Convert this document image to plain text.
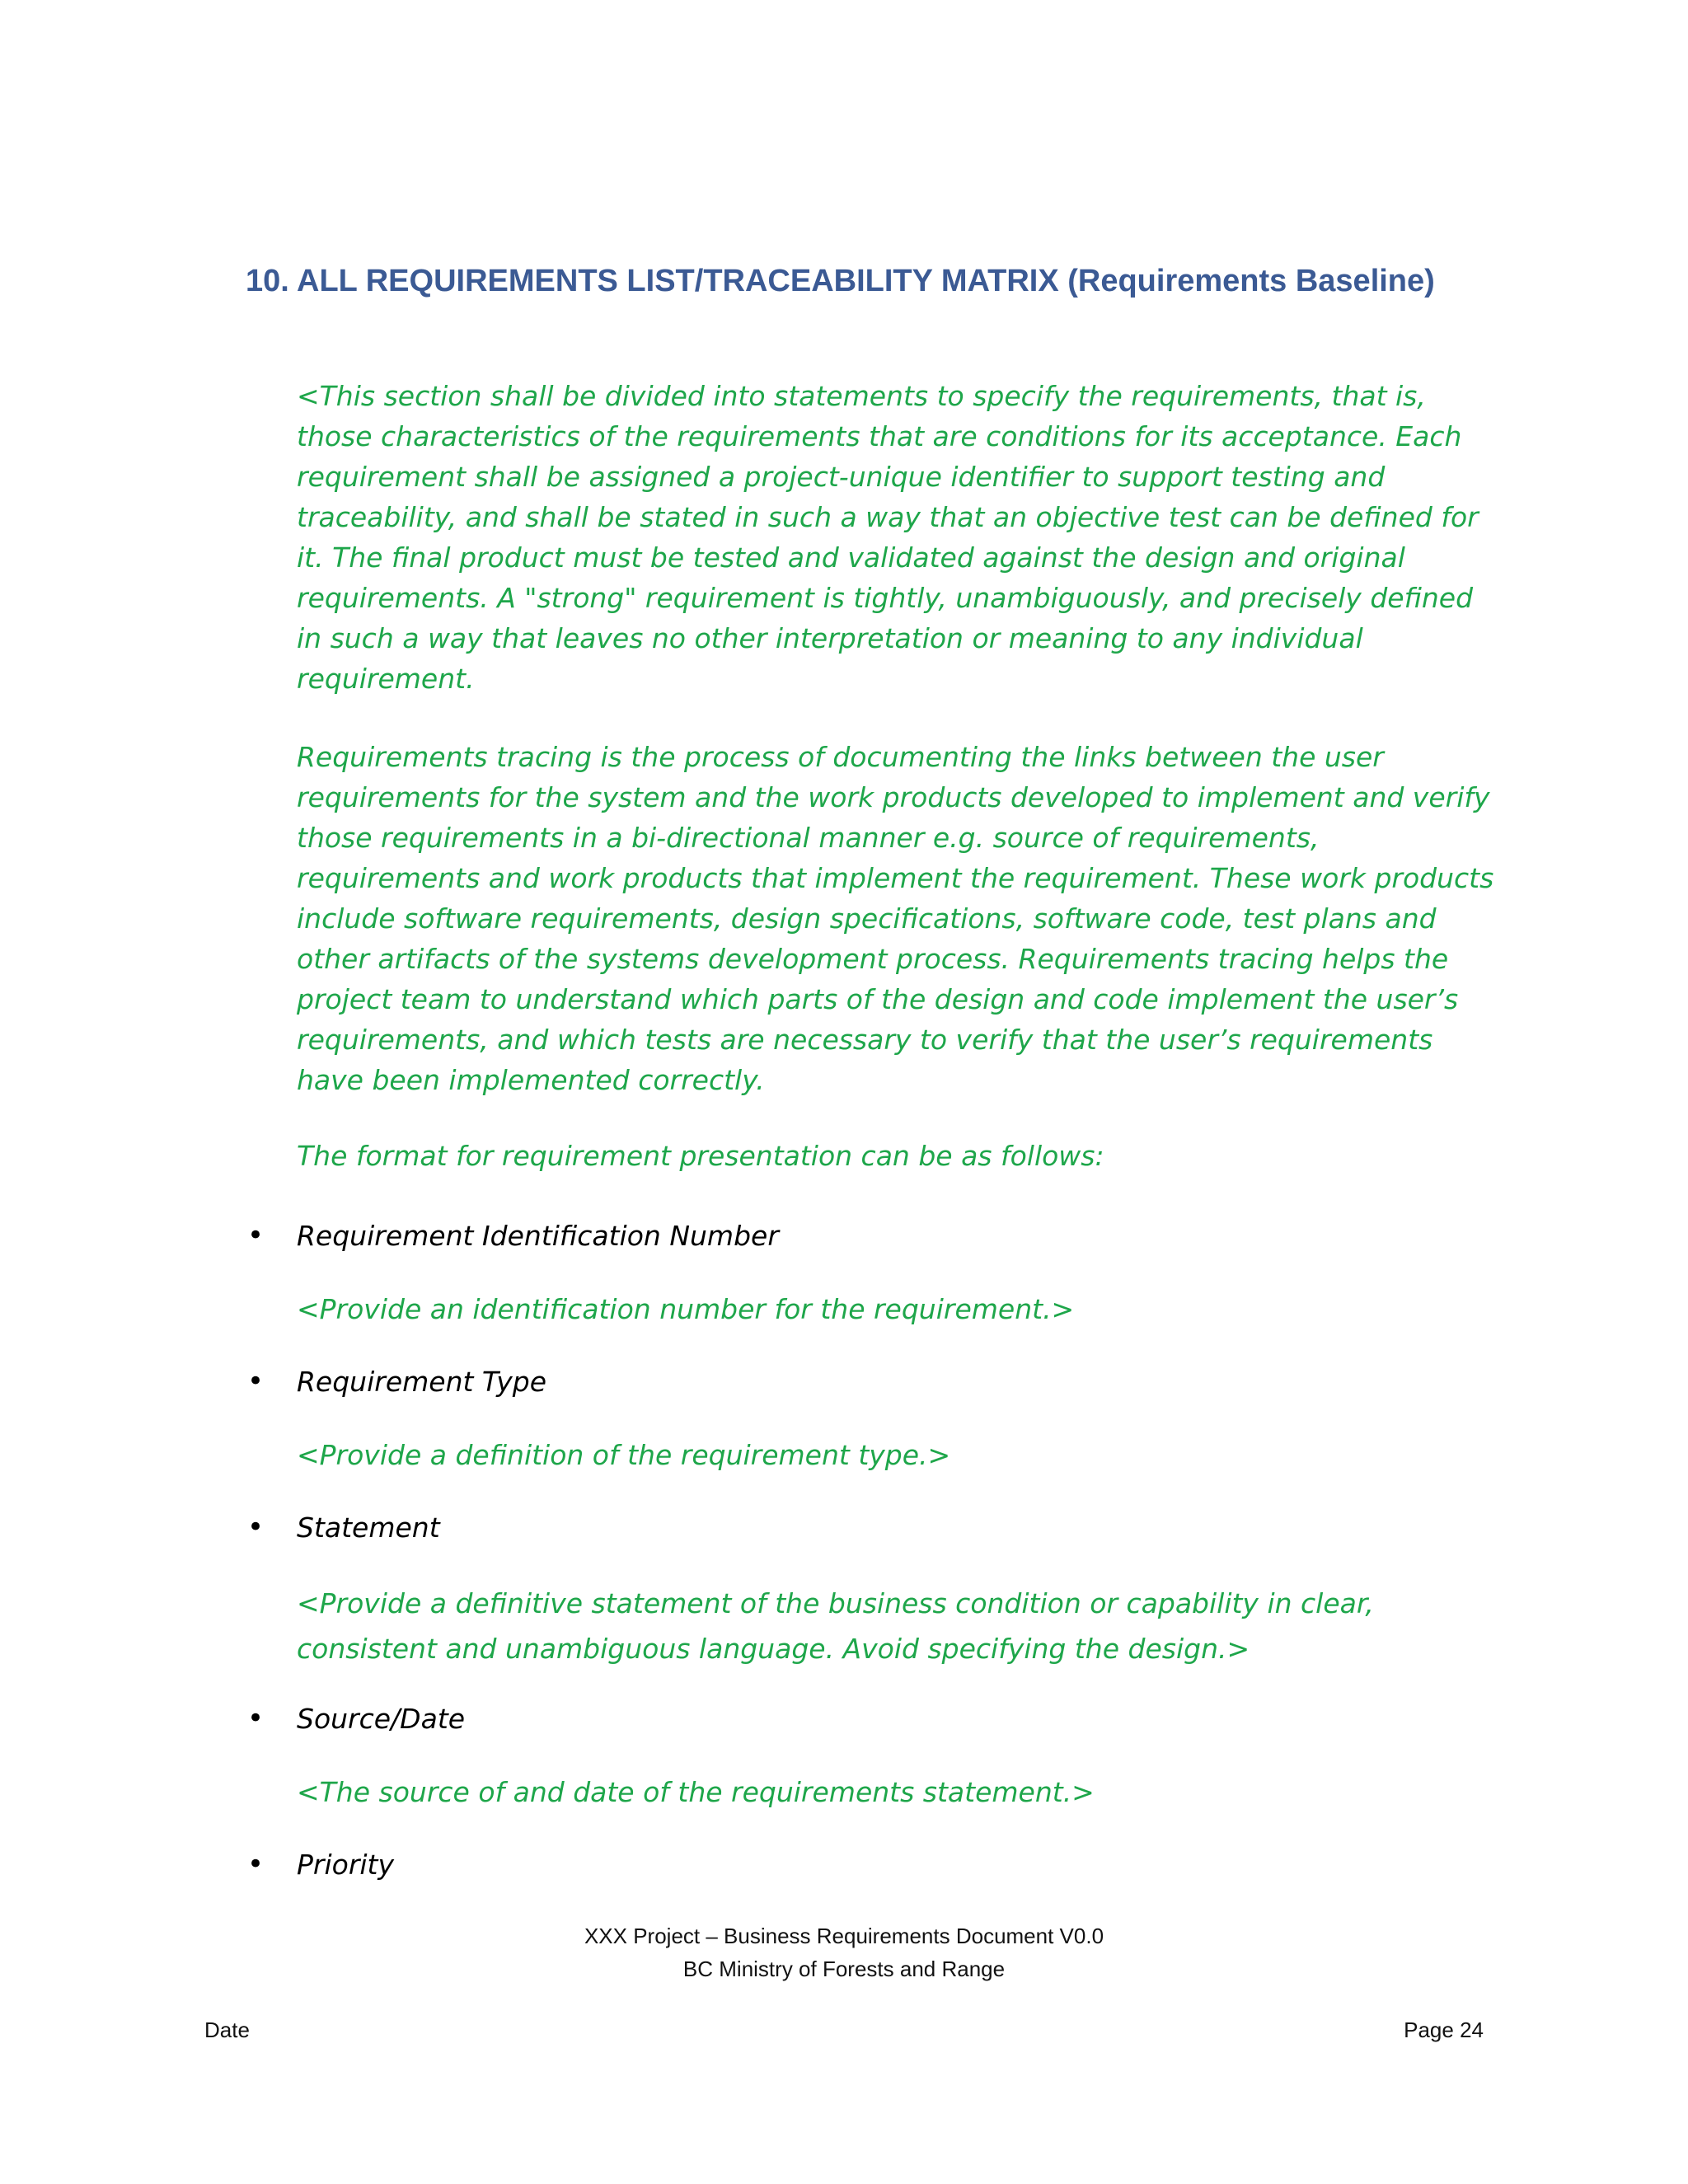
10. ALL REQUIREMENTS LIST/TRACEABILITY MATRIX (Requirements Baseline)

<This section shall be divided into statements to specify the requirements, that is, those characteristics of the requirements that are conditions for its acceptance. Each requirement shall be assigned a project-unique identifier to support testing and traceability, and shall be stated in such a way that an objective test can be defined for it. The final product must be tested and validated against the design and original requirements. A "strong" requirement is tightly, unambiguously, and precisely defined in such a way that leaves no other interpretation or meaning to any individual requirement.

Requirements tracing is the process of documenting the links between the user requirements for the system and the work products developed to implement and verify those requirements in a bi-directional manner e.g. source of requirements, requirements and work products that implement the requirement. These work products include software requirements, design specifications, software code, test plans and other artifacts of the systems development process. Requirements tracing helps the project team to understand which parts of the design and code implement the user’s requirements, and which tests are necessary to verify that the user’s requirements have been implemented correctly.

The format for requirement presentation can be as follows:

•	Requirement Identification Number

<Provide an identification number for the requirement.>

•	Requirement Type

<Provide a definition of the requirement type.>

•	Statement

<Provide a definitive statement of the business condition or capability in clear, consistent and unambiguous language. Avoid specifying the design.>

•	Source/Date

<The source of and date of the requirements statement.>

•	Priority
XXX Project – Business Requirements Document V0.0
BC Ministry of Forests and Range
Date	Page 24
